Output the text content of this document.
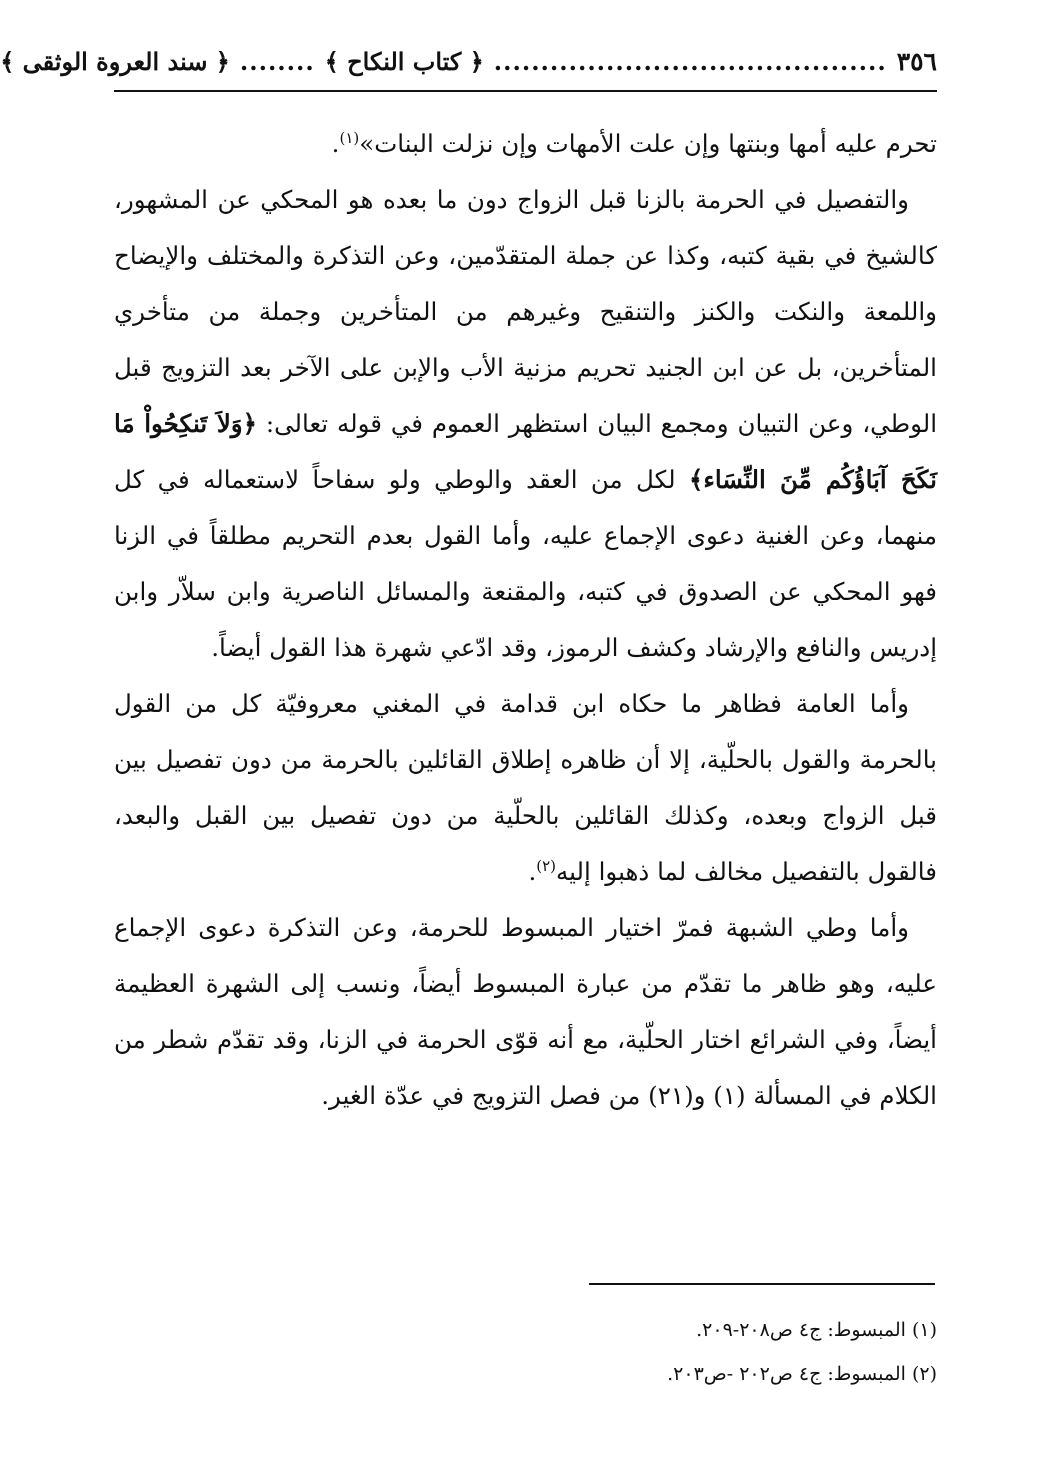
٣٥٦
..........................................
﴿ كتاب النكاح ﴾
........
﴿ سند العروة الوثقى ﴾

تحرم عليه أمها وبنتها وإن علت الأمهات وإن نزلت البنات»$^{(١)}$.

والتفصيل في الحرمة بالزنا قبل الزواج دون ما بعده هو المحكي عن المشهور، كالشيخ في بقية كتبه، وكذا عن جملة المتقدّمين، وعن التذكرة والمختلف والإيضاح واللمعة والنكت والكنز والتنقيح وغيرهم من المتأخرين وجملة من متأخري المتأخرين، بل عن ابن الجنيد تحريم مزنية الأب والإبن على الآخر بعد التزويج قبل الوطي، وعن التبيان ومجمع البيان استظهر العموم في قوله تعالى: ﴿وَلاَ تَنكِحُواْ مَا نَكَحَ آبَاؤُكُم مِّنَ النِّسَاء﴾ لكل من العقد والوطي ولو سفاحاً لاستعماله في كل منهما، وعن الغنية دعوى الإجماع عليه، وأما القول بعدم التحريم مطلقاً في الزنا فهو المحكي عن الصدوق في كتبه، والمقنعة والمسائل الناصرية وابن سلاّر وابن إدريس والنافع والإرشاد وكشف الرموز، وقد ادّعي شهرة هذا القول أيضاً.

وأما العامة فظاهر ما حكاه ابن قدامة في المغني معروفيّة كل من القول بالحرمة والقول بالحلّية، إلا أن ظاهره إطلاق القائلين بالحرمة من دون تفصيل بين قبل الزواج وبعده، وكذلك القائلين بالحلّية من دون تفصيل بين القبل والبعد، فالقول بالتفصيل مخالف لما ذهبوا إليه$^{(٢)}$.

وأما وطي الشبهة فمرّ اختيار المبسوط للحرمة، وعن التذكرة دعوى الإجماع عليه، وهو ظاهر ما تقدّم من عبارة المبسوط أيضاً، ونسب إلى الشهرة العظيمة أيضاً، وفي الشرائع اختار الحلّية، مع أنه قوّى الحرمة في الزنا، وقد تقدّم شطر من الكلام في المسألة (١) و(٢١) من فصل التزويج في عدّة الغير.

(١) المبسوط: ج٤ ص٢٠٨-٢٠٩.
(٢) المبسوط: ج٤ ص٢٠٢ -ص٢٠٣.
